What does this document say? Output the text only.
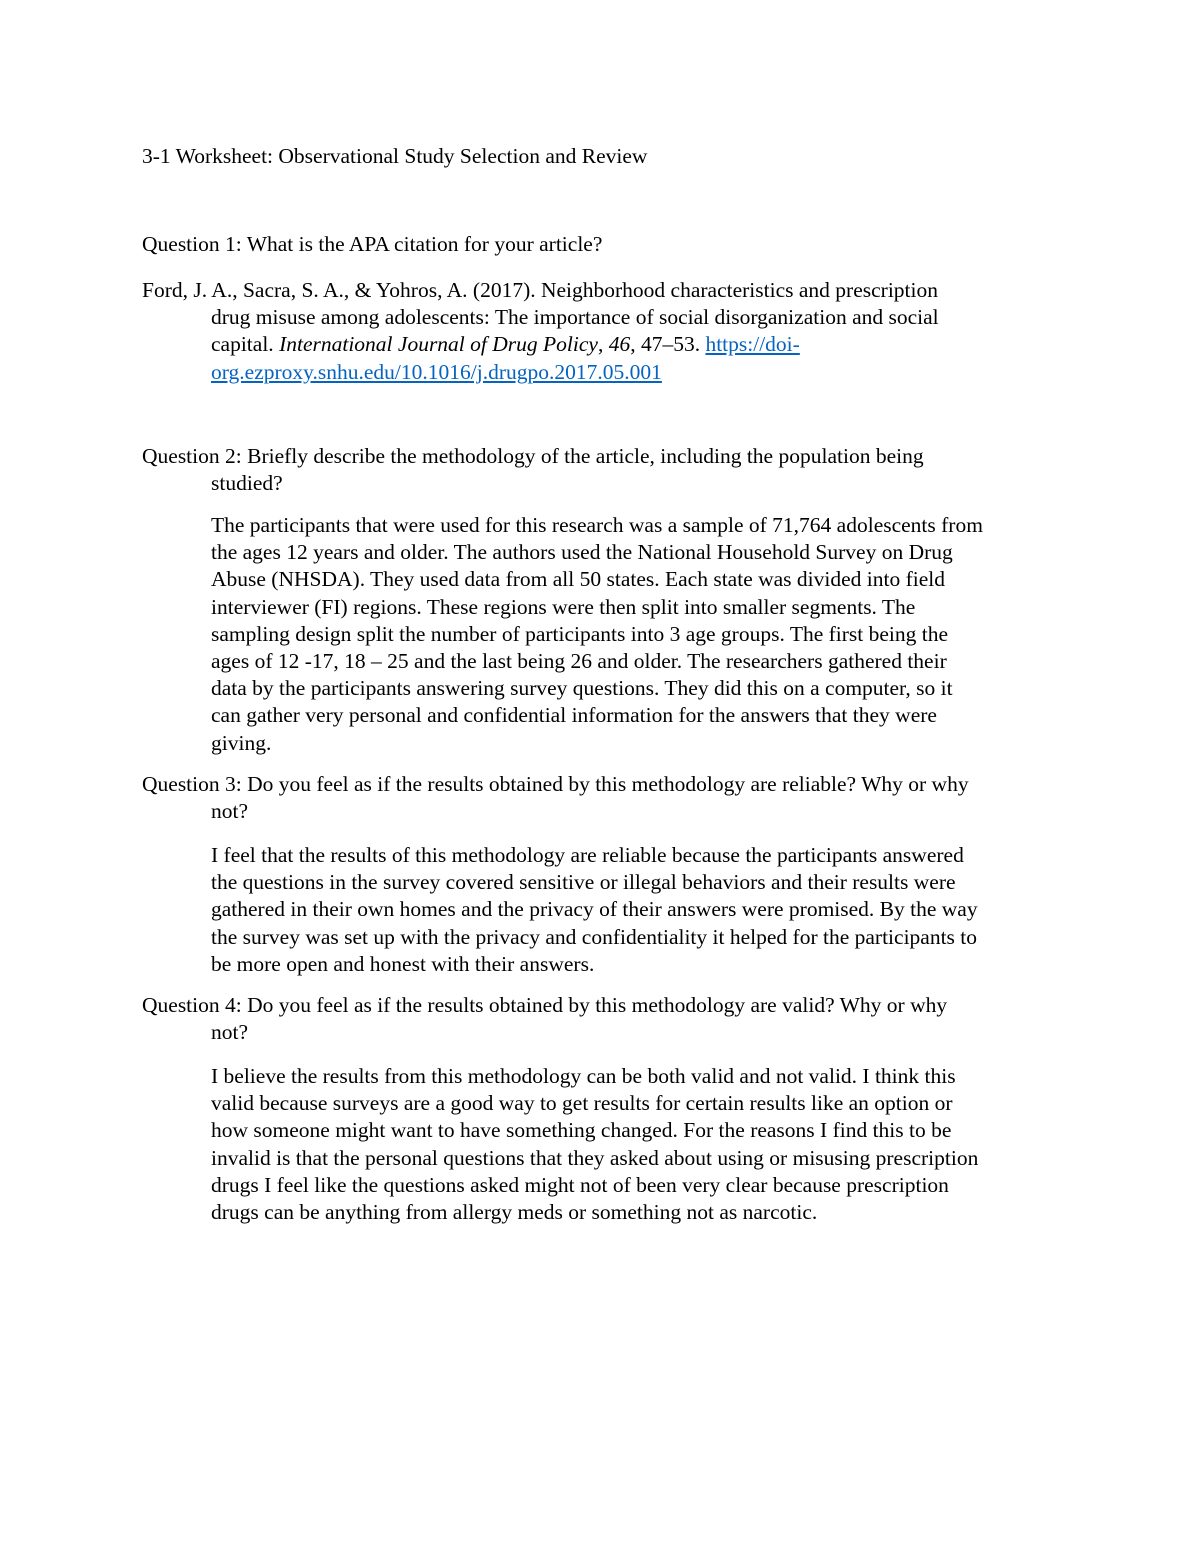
3-1 Worksheet: Observational Study Selection and Review
Question 1: What is the APA citation for your article?
Ford, J. A., Sacra, S. A., & Yohros, A. (2017). Neighborhood characteristics and prescription
drug misuse among adolescents: The importance of social disorganization and social
capital. International Journal of Drug Policy, 46, 47–53. https://doi-
org.ezproxy.snhu.edu/10.1016/j.drugpo.2017.05.001
Question 2: Briefly describe the methodology of the article, including the population being
studied?
The participants that were used for this research was a sample of 71,764 adolescents from
the ages 12 years and older. The authors used the National Household Survey on Drug
Abuse (NHSDA). They used data from all 50 states. Each state was divided into field
interviewer (FI) regions. These regions were then split into smaller segments. The
sampling design split the number of participants into 3 age groups. The first being the
ages of 12 -17, 18 – 25 and the last being 26 and older. The researchers gathered their
data by the participants answering survey questions. They did this on a computer, so it
can gather very personal and confidential information for the answers that they were
giving.
Question 3: Do you feel as if the results obtained by this methodology are reliable? Why or why
not?
I feel that the results of this methodology are reliable because the participants answered
the questions in the survey covered sensitive or illegal behaviors and their results were
gathered in their own homes and the privacy of their answers were promised. By the way
the survey was set up with the privacy and confidentiality it helped for the participants to
be more open and honest with their answers.
Question 4: Do you feel as if the results obtained by this methodology are valid? Why or why
not?
I believe the results from this methodology can be both valid and not valid. I think this
valid because surveys are a good way to get results for certain results like an option or
how someone might want to have something changed. For the reasons I find this to be
invalid is that the personal questions that they asked about using or misusing prescription
drugs I feel like the questions asked might not of been very clear because prescription
drugs can be anything from allergy meds or something not as narcotic.
